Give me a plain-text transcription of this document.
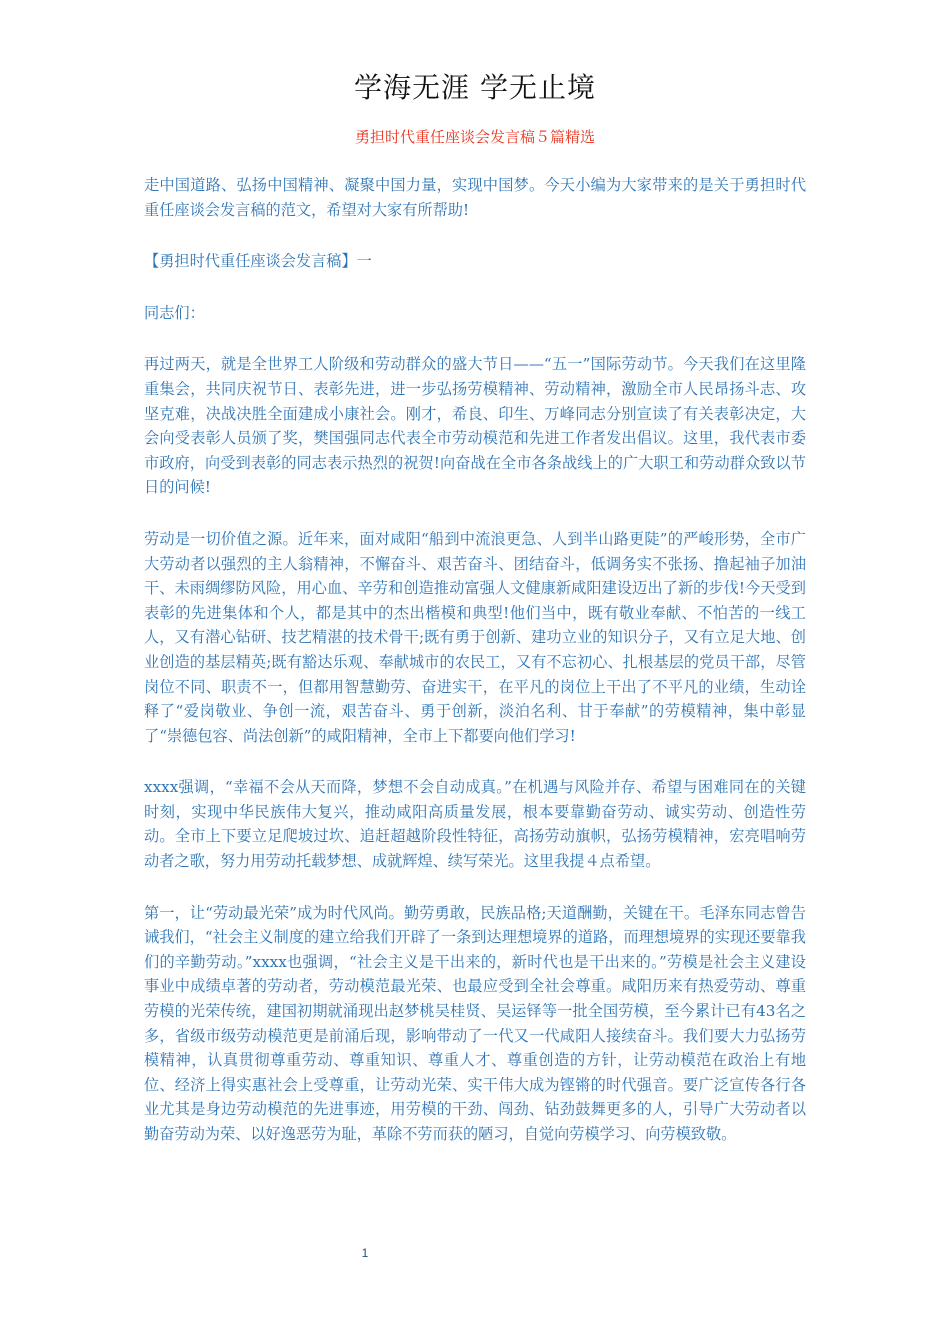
学海无涯 学无止境
勇担时代重任座谈会发言稿５篇精选

走中国道路、弘扬中国精神、凝聚中国力量，实现中国梦。今天小编为大家带来的是关于勇担时代重任座谈会发言稿的范文，希望对大家有所帮助!

【勇担时代重任座谈会发言稿】一

同志们：

再过两天，就是全世界工人阶级和劳动群众的盛大节日——“五一”国际劳动节。今天我们在这里隆重集会，共同庆祝节日、表彰先进，进一步弘扬劳模精神、劳动精神，激励全市人民昂扬斗志、攻坚克难，决战决胜全面建成小康社会。刚才，希良、印生、万峰同志分别宣读了有关表彰决定，大会向受表彰人员颁了奖，樊国强同志代表全市劳动模范和先进工作者发出倡议。这里，我代表市委市政府，向受到表彰的同志表示热烈的祝贺!向奋战在全市各条战线上的广大职工和劳动群众致以节日的问候!

劳动是一切价值之源。近年来，面对咸阳“船到中流浪更急、人到半山路更陡”的严峻形势，全市广大劳动者以强烈的主人翁精神，不懈奋斗、艰苦奋斗、团结奋斗，低调务实不张扬、撸起袖子加油干、未雨绸缪防风险，用心血、辛劳和创造推动富强人文健康新咸阳建设迈出了新的步伐!今天受到表彰的先进集体和个人，都是其中的杰出楷模和典型!他们当中，既有敬业奉献、不怕苦的一线工人，又有潜心钻研、技艺精湛的技术骨干;既有勇于创新、建功立业的知识分子，又有立足大地、创业创造的基层精英;既有豁达乐观、奉献城市的农民工，又有不忘初心、扎根基层的党员干部，尽管岗位不同、职责不一，但都用智慧勤劳、奋进实干，在平凡的岗位上干出了不平凡的业绩，生动诠释了“爱岗敬业、争创一流，艰苦奋斗、勇于创新，淡泊名利、甘于奉献”的劳模精神，集中彰显了“崇德包容、尚法创新”的咸阳精神，全市上下都要向他们学习!

xxxx强调，“幸福不会从天而降，梦想不会自动成真。”在机遇与风险并存、希望与困难同在的关键时刻，实现中华民族伟大复兴，推动咸阳高质量发展，根本要靠勤奋劳动、诚实劳动、创造性劳动。全市上下要立足爬坡过坎、追赶超越阶段性特征，高扬劳动旗帜，弘扬劳模精神，宏亮唱响劳动者之歌，努力用劳动托载梦想、成就辉煌、续写荣光。这里我提４点希望。

第一，让“劳动最光荣”成为时代风尚。勤劳勇敢，民族品格;天道酬勤，关键在干。毛泽东同志曾告诫我们，“社会主义制度的建立给我们开辟了一条到达理想境界的道路，而理想境界的实现还要靠我们的辛勤劳动。”xxxx也强调，“社会主义是干出来的，新时代也是干出来的。”劳模是社会主义建设事业中成绩卓著的劳动者，劳动模范最光荣、也最应受到全社会尊重。咸阳历来有热爱劳动、尊重劳模的光荣传统，建国初期就涌现出赵梦桃吴桂贤、吴运铎等一批全国劳模，至今累计已有43名之多，省级市级劳动模范更是前涌后现，影响带动了一代又一代咸阳人接续奋斗。我们要大力弘扬劳模精神，认真贯彻尊重劳动、尊重知识、尊重人才、尊重创造的方针，让劳动模范在政治上有地位、经济上得实惠社会上受尊重，让劳动光荣、实干伟大成为铿锵的时代强音。要广泛宣传各行各业尤其是身边劳动模范的先进事迹，用劳模的干劲、闯劲、钻劲鼓舞更多的人，引导广大劳动者以勤奋劳动为荣、以好逸恶劳为耻，革除不劳而获的陋习，自觉向劳模学习、向劳模致敬。

1
